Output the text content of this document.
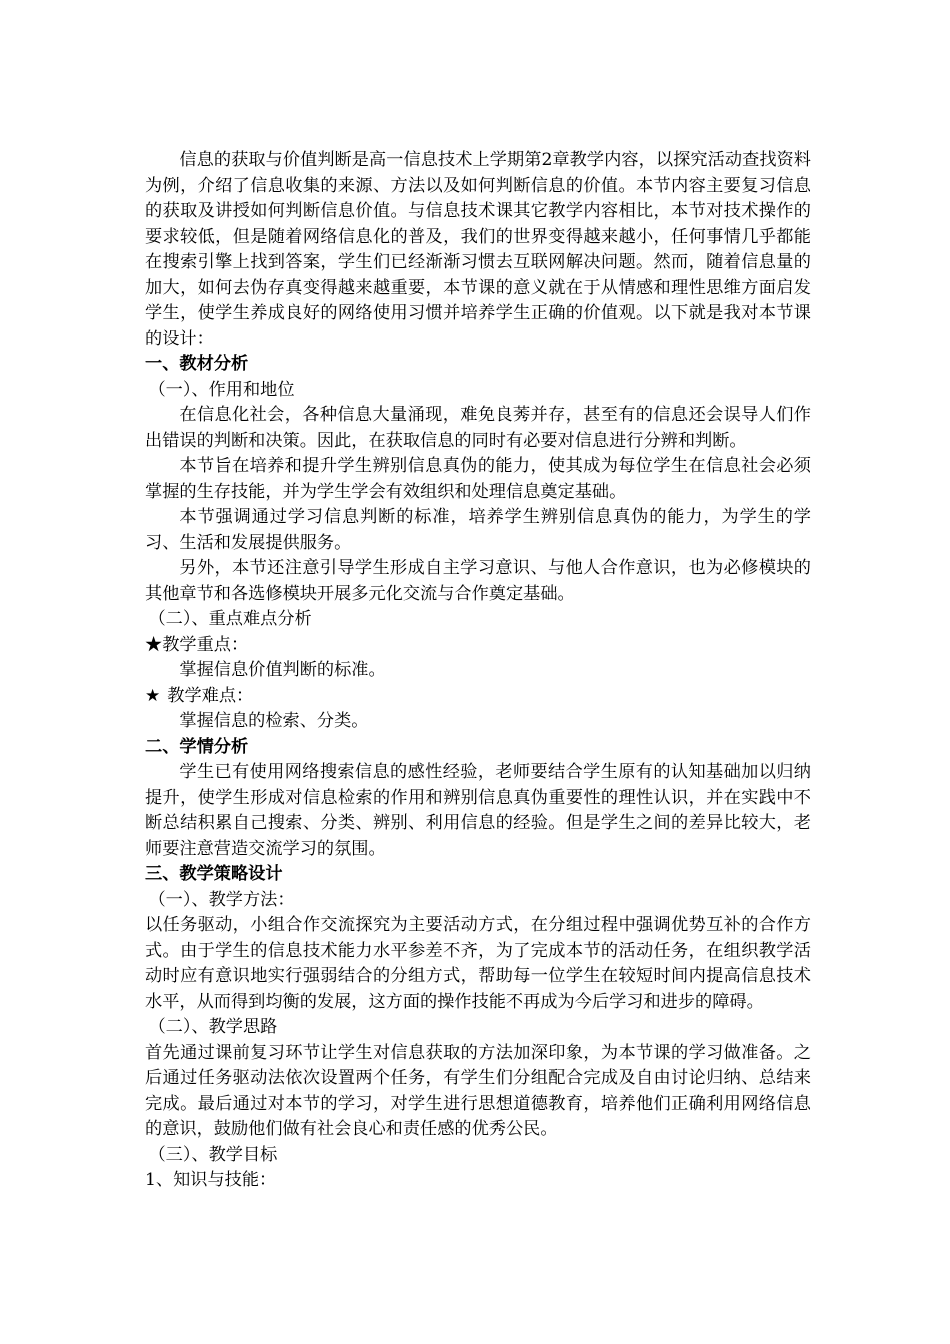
信息的获取与价值判断是高一信息技术上学期第2章教学内容，以探究活动查找资料为例，介绍了信息收集的来源、方法以及如何判断信息的价值。本节内容主要复习信息的获取及讲授如何判断信息价值。与信息技术课其它教学内容相比，本节对技术操作的要求较低，但是随着网络信息化的普及，我们的世界变得越来越小，任何事情几乎都能在搜索引擎上找到答案，学生们已经渐渐习惯去互联网解决问题。然而，随着信息量的加大，如何去伪存真变得越来越重要，本节课的意义就在于从情感和理性思维方面启发学生，使学生养成良好的网络使用习惯并培养学生正确的价值观。以下就是我对本节课的设计：

一、教材分析

（一）、作用和地位

在信息化社会，各种信息大量涌现，难免良莠并存，甚至有的信息还会误导人们作出错误的判断和决策。因此，在获取信息的同时有必要对信息进行分辨和判断。

本节旨在培养和提升学生辨别信息真伪的能力，使其成为每位学生在信息社会必须掌握的生存技能，并为学生学会有效组织和处理信息奠定基础。

本节强调通过学习信息判断的标准，培养学生辨别信息真伪的能力，为学生的学习、生活和发展提供服务。

另外，本节还注意引导学生形成自主学习意识、与他人合作意识，也为必修模块的其他章节和各选修模块开展多元化交流与合作奠定基础。

（二）、重点难点分析

★教学重点：

掌握信息价值判断的标准。

★ 教学难点：

掌握信息的检索、分类。

二、学情分析

学生已有使用网络搜索信息的感性经验，老师要结合学生原有的认知基础加以归纳提升，使学生形成对信息检索的作用和辨别信息真伪重要性的理性认识，并在实践中不断总结积累自己搜索、分类、辨别、利用信息的经验。但是学生之间的差异比较大，老师要注意营造交流学习的氛围。

三、教学策略设计

（一）、教学方法：

以任务驱动，小组合作交流探究为主要活动方式，在分组过程中强调优势互补的合作方式。由于学生的信息技术能力水平参差不齐，为了完成本节的活动任务，在组织教学活动时应有意识地实行强弱结合的分组方式，帮助每一位学生在较短时间内提高信息技术水平，从而得到均衡的发展，这方面的操作技能不再成为今后学习和进步的障碍。

（二）、教学思路

首先通过课前复习环节让学生对信息获取的方法加深印象，为本节课的学习做准备。之后通过任务驱动法依次设置两个任务，有学生们分组配合完成及自由讨论归纳、总结来完成。最后通过对本节的学习，对学生进行思想道德教育，培养他们正确利用网络信息的意识，鼓励他们做有社会良心和责任感的优秀公民。

（三）、教学目标

1、知识与技能：
